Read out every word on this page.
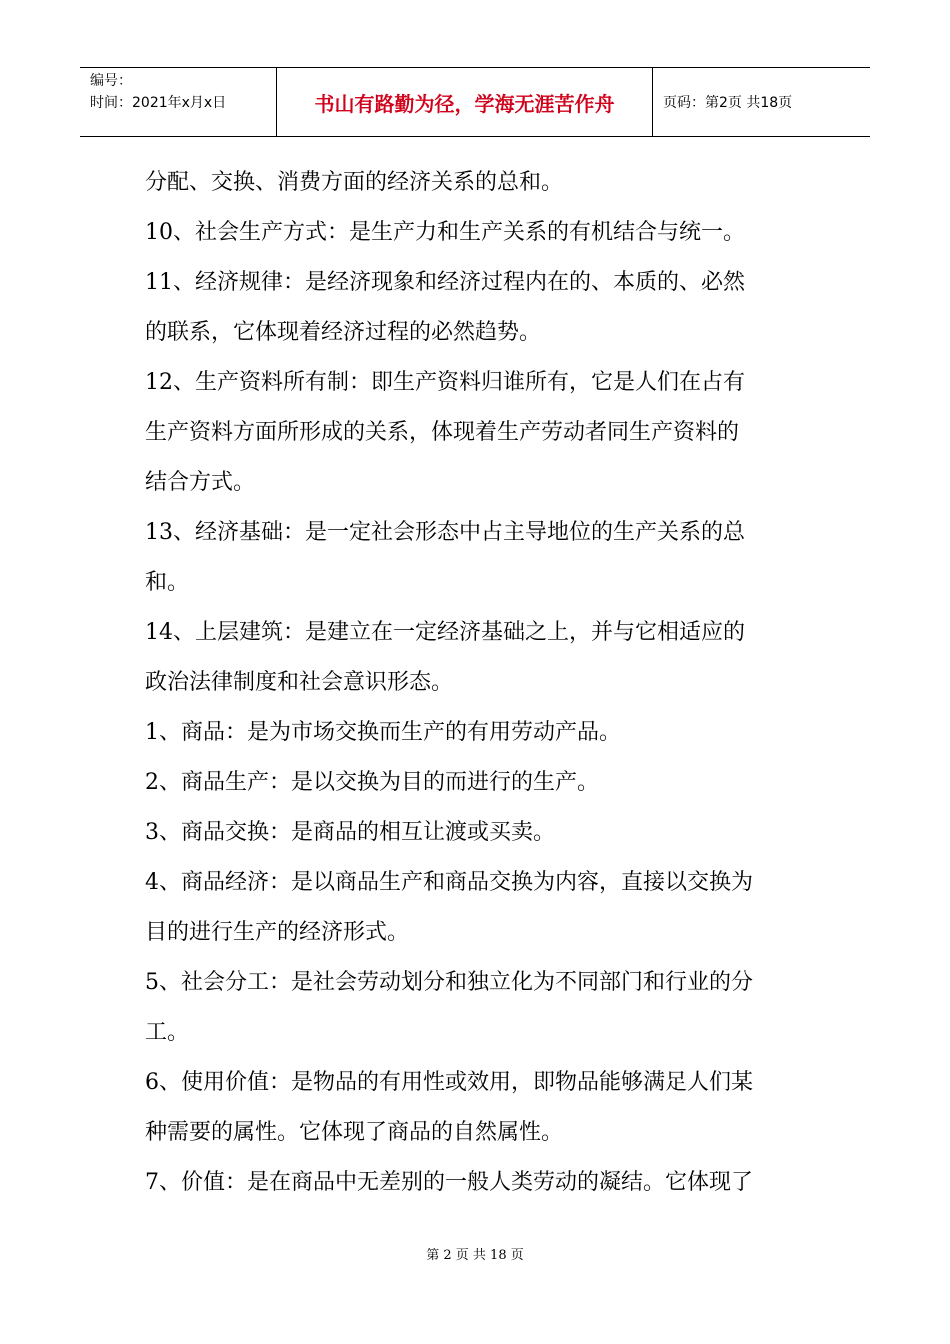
编号：
时间：2021年x月x日	书山有路勤为径，学海无涯苦作舟	页码：第2页 共18页
分配、交换、消费方面的经济关系的总和。
10、社会生产方式：是生产力和生产关系的有机结合与统一。
11、经济规律：是经济现象和经济过程内在的、本质的、必然
的联系，它体现着经济过程的必然趋势。
12、生产资料所有制：即生产资料归谁所有，它是人们在占有
生产资料方面所形成的关系，体现着生产劳动者同生产资料的
结合方式。
13、经济基础：是一定社会形态中占主导地位的生产关系的总
和。
14、上层建筑：是建立在一定经济基础之上，并与它相适应的
政治法律制度和社会意识形态。
1、商品：是为市场交换而生产的有用劳动产品。
2、商品生产：是以交换为目的而进行的生产。
3、商品交换：是商品的相互让渡或买卖。
4、商品经济：是以商品生产和商品交换为内容，直接以交换为
目的进行生产的经济形式。
5、社会分工：是社会劳动划分和独立化为不同部门和行业的分
工。
6、使用价值：是物品的有用性或效用，即物品能够满足人们某
种需要的属性。它体现了商品的自然属性。
7、价值：是在商品中无差别的一般人类劳动的凝结。它体现了
第 2 页 共 18 页
